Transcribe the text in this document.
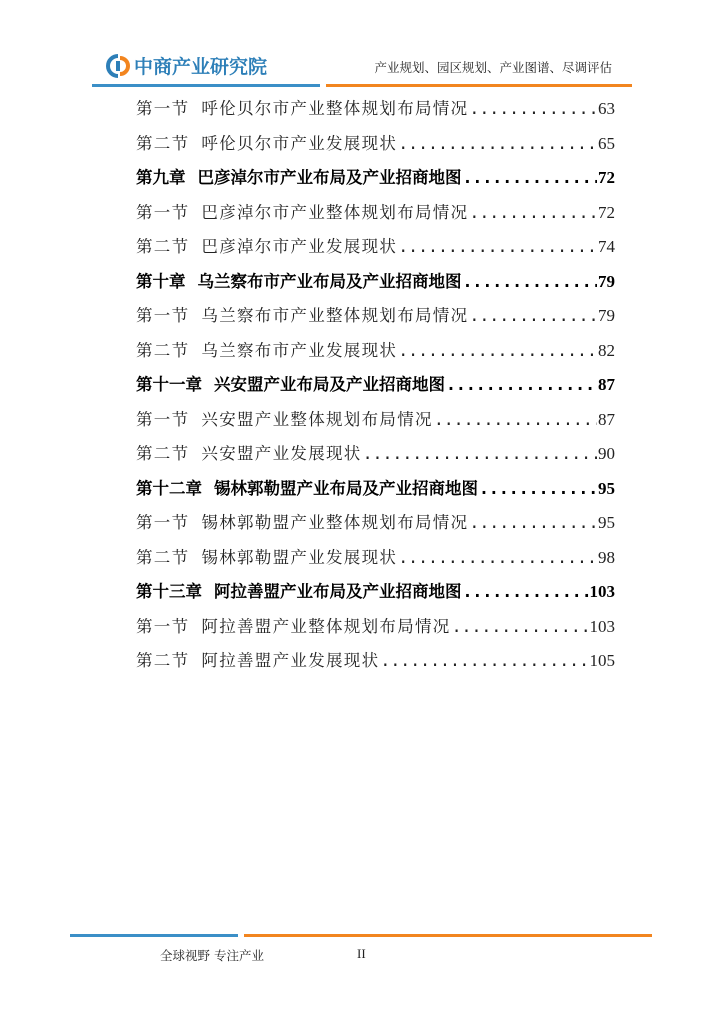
中商产业研究院	产业规划、园区规划、产业图谱、尽调评估
第一节 呼伦贝尔市产业整体规划布局情况 .....	63
第二节 呼伦贝尔市产业发展现状 .....	65
第九章 巴彦淖尔市产业布局及产业招商地图 .....	72
第一节 巴彦淖尔市产业整体规划布局情况 .....	72
第二节 巴彦淖尔市产业发展现状 .....	74
第十章 乌兰察布市产业布局及产业招商地图 .....	79
第一节 乌兰察布市产业整体规划布局情况 .....	79
第二节 乌兰察布市产业发展现状 .....	82
第十一章 兴安盟产业布局及产业招商地图 .....	87
第一节 兴安盟产业整体规划布局情况 .....	87
第二节 兴安盟产业发展现状 .....	90
第十二章 锡林郭勒盟产业布局及产业招商地图 .....	95
第一节 锡林郭勒盟产业整体规划布局情况 .....	95
第二节 锡林郭勒盟产业发展现状 .....	98
第十三章 阿拉善盟产业布局及产业招商地图 .....	103
第一节 阿拉善盟产业整体规划布局情况 .....	103
第二节 阿拉善盟产业发展现状 .....	105
全球视野 专注产业	II
